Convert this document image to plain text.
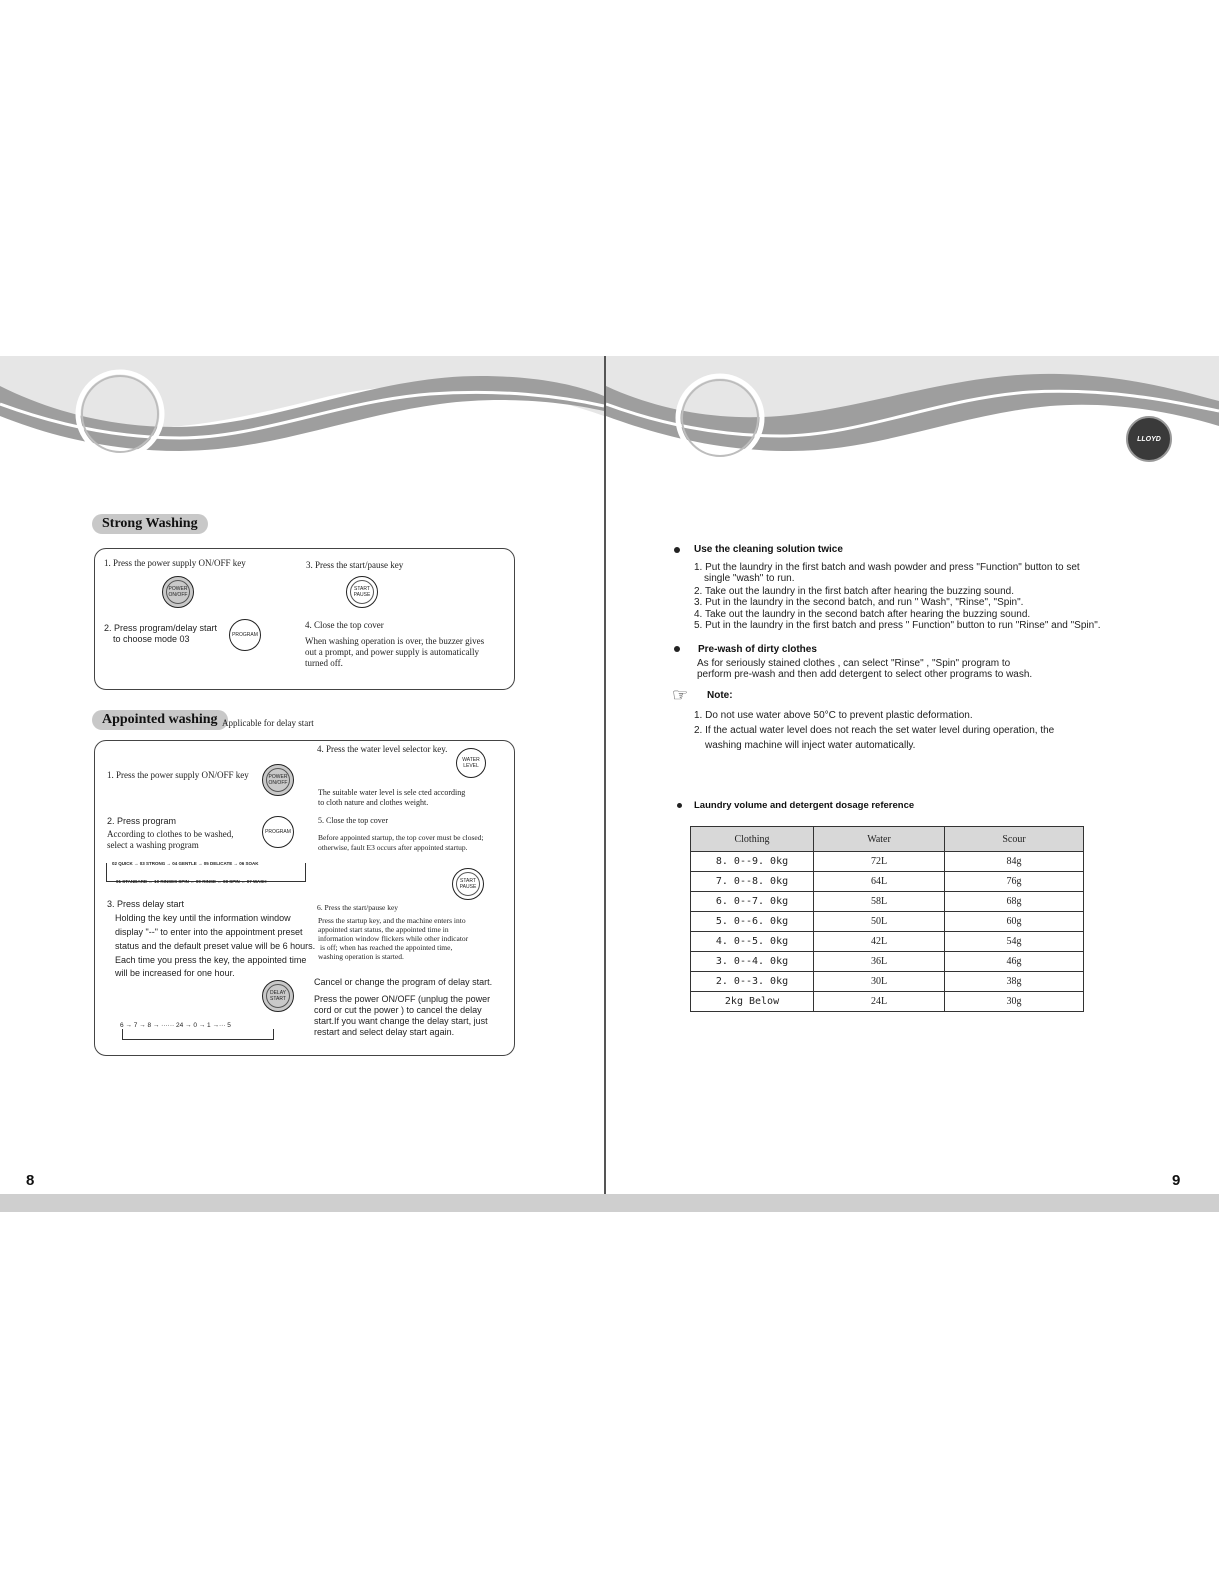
LLOYD
Strong Washing
1. Press the power supply ON/OFF key
POWER ON/OFF
2. Press program/delay start
to choose mode 03	PROGRAM
3. Press the start/pause key
START PAUSE
4. Close the top cover
When washing operation is over, the buzzer gives
out a prompt, and power supply is automatically
turned off.
Appointed washing Applicable for delay start
1. Press the power supply ON/OFF key	POWER ON/OFF
2. Press program
According to clothes to be washed,
select a washing program
PROGRAM
02 QUICK → 03 STRONG → 04 GENTLE → 05 DELICATE → 06 SOAK
01 STANDARD ← 10 RINSES SPIN ← 09 RINSE ← 08 SPIN ← 07 WASH
3. Press delay start
Holding the key until the information window
display "--" to enter into the appointment preset
status and the default preset value will be 6 hours.
Each time you press the key, the appointed time
will be increased for one hour.
DELAY START
6 → 7 → 8 → ······ 24 → 0 → 1 →··· 5
4. Press the water level selector key.
WATER LEVEL
The suitable water level is sele cted according
to cloth nature and clothes weight.
5. Close the top cover
Before appointed startup, the top cover must be closed;
otherwise, fault E3 occurs after appointed startup.
START PAUSE
6. Press the start/pause key
Press the startup key, and the machine enters into
appointed start status, the appointed time in
information window flickers while other indicator
is off; when has reached the appointed time,
washing operation is started.
Cancel or change the program of delay start.
Press the power ON/OFF (unplug the power
cord or cut the power ) to cancel the delay
start.If you want change the delay start, just
restart and select delay start again.
8
Use the cleaning solution twice
1. Put the laundry in the first batch and wash powder and press "Function" button to set
single "wash" to run.
2. Take out the laundry in the first batch after hearing the buzzing sound.
3. Put in the laundry in the second batch, and run " Wash", "Rinse", "Spin".
4. Take out the laundry in the second batch after hearing the buzzing sound.
5. Put in the laundry in the first batch and press " Function" button to run "Rinse" and "Spin".
Pre-wash of dirty clothes
As for seriously stained clothes , can select "Rinse" , "Spin" program to
perform pre-wash and then add detergent to select other programs to wash.
☞ Note:
1. Do not use water above 50°C to prevent plastic deformation.
2. If the actual water level does not reach the set water level during operation, the
washing machine will inject water automatically.
Laundry volume and detergent dosage reference
Clothing	Water	Scour
8. 0--9. 0kg	72L	84g
7. 0--8. 0kg	64L	76g
6. 0--7. 0kg	58L	68g
5. 0--6. 0kg	50L	60g
4. 0--5. 0kg	42L	54g
3. 0--4. 0kg	36L	46g
2. 0--3. 0kg	30L	38g
2kg Below	24L	30g
9
